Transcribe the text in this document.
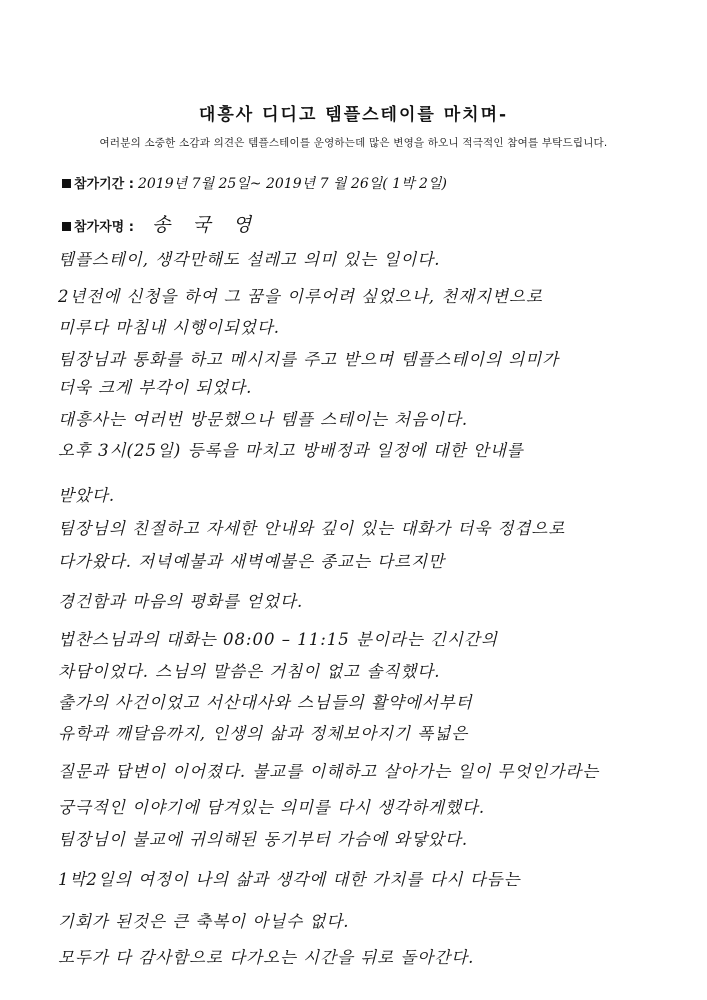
대흥사 디디고 템플스테이를 마치며-
여러분의 소중한 소감과 의견은 템플스테이를 운영하는데 많은 변영을 하오니 적극적인 참여를 부탁드립니다.
참가기간 : 2019년 7월 25일~ 2019년 7 월 26일( 1박 2일)
참가자명 : 송 국 영
템플스테이, 생각만해도 설레고 의미 있는 일이다.
2년전에 신청을 하여 그 꿈을 이루어려 싶었으나, 천재지변으로
미루다 마침내 시행이되었다.
팀장님과 통화를 하고 메시지를 주고 받으며 템플스테이의 의미가
더욱 크게 부각이 되었다.
대흥사는 여러번 방문했으나 템플 스테이는 처음이다.
오후 3시(25일) 등록을 마치고 방배정과 일정에 대한 안내를
받았다.
팀장님의 친절하고 자세한 안내와 깊이 있는 대화가 더욱 정겹으로
다가왔다. 저녁예불과 새벽예불은 종교는 다르지만
경건함과 마음의 평화를 얻었다.
법찬스님과의 대화는 08:00 – 11:15 분이라는 긴시간의
차담이었다. 스님의 말씀은 거침이 없고 솔직했다.
출가의 사건이었고 서산대사와 스님들의 활약에서부터
유학과 깨달음까지, 인생의 삶과 정체보아지기 폭넓은
질문과 답변이 이어졌다. 불교를 이해하고 살아가는 일이 무엇인가라는
궁극적인 이야기에 담겨있는 의미를 다시 생각하게했다.
팀장님이 불교에 귀의해된 동기부터 가슴에 와닿았다.
1박2일의 여정이 나의 삶과 생각에 대한 가치를 다시 다듬는
기회가 된것은 큰 축복이 아닐수 없다.
모두가 다 감사함으로 다가오는 시간을 뒤로 돌아간다.
